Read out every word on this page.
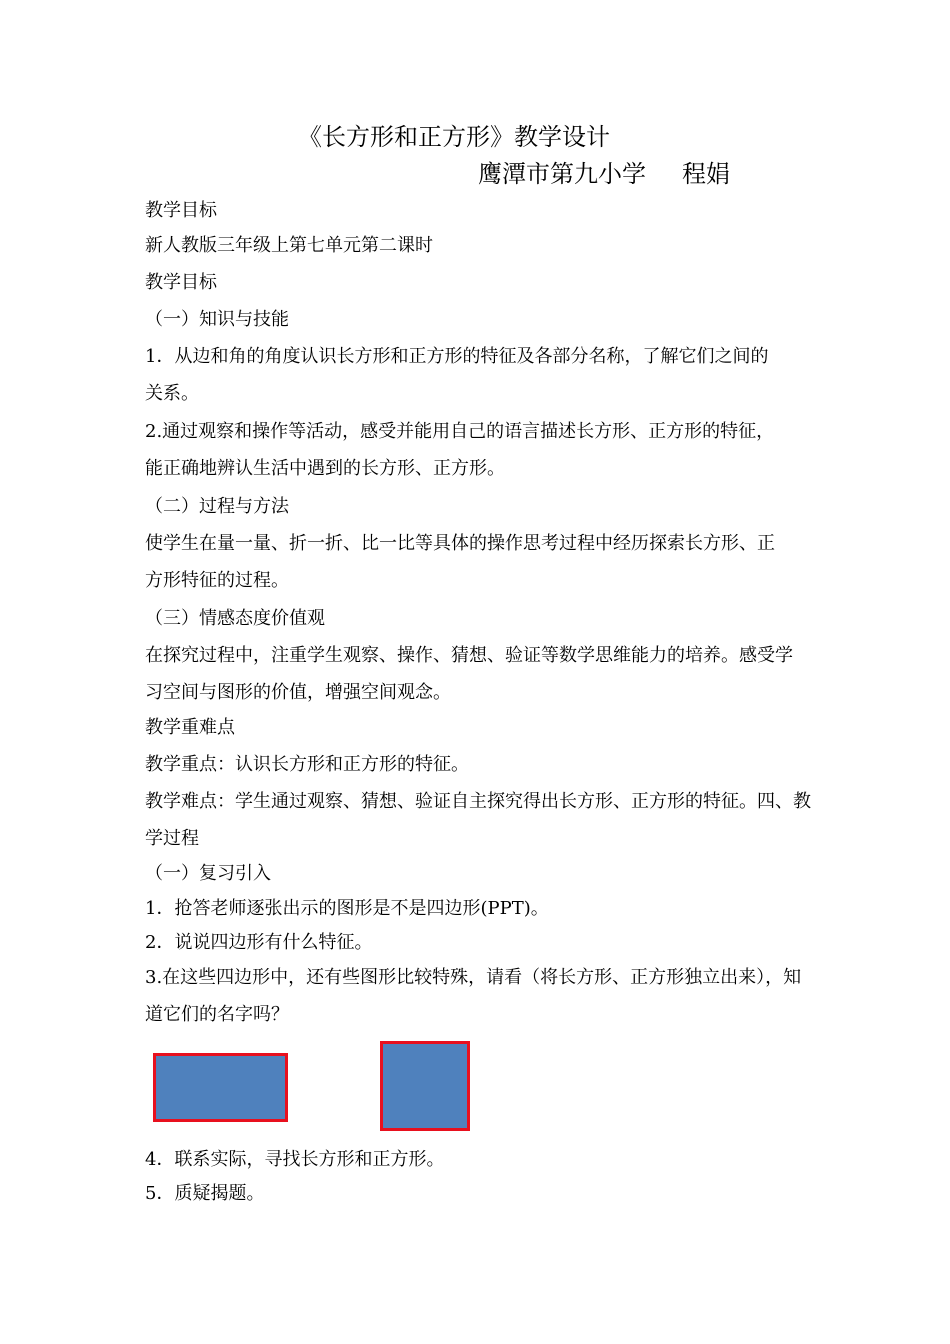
《长方形和正方形》教学设计
鹰潭市第九小学 程娟
教学目标
新人教版三年级上第七单元第二课时
教学目标
（一）知识与技能
1．从边和角的角度认识长方形和正方形的特征及各部分名称，了解它们之间的
关系。
2.通过观察和操作等活动，感受并能用自己的语言描述长方形、正方形的特征，
能正确地辨认生活中遇到的长方形、正方形。
（二）过程与方法
使学生在量一量、折一折、比一比等具体的操作思考过程中经历探索长方形、正
方形特征的过程。
（三）情感态度价值观
在探究过程中，注重学生观察、操作、猜想、验证等数学思维能力的培养。感受学
习空间与图形的价值，增强空间观念。
教学重难点
教学重点：认识长方形和正方形的特征。
教学难点：学生通过观察、猜想、验证自主探究得出长方形、正方形的特征。四、教
学过程
（一）复习引入
1．抢答老师逐张出示的图形是不是四边形(PPT)。
2．说说四边形有什么特征。
3.在这些四边形中，还有些图形比较特殊，请看（将长方形、正方形独立出来），知
道它们的名字吗？
4．联系实际，寻找长方形和正方形。
5．质疑揭题。
